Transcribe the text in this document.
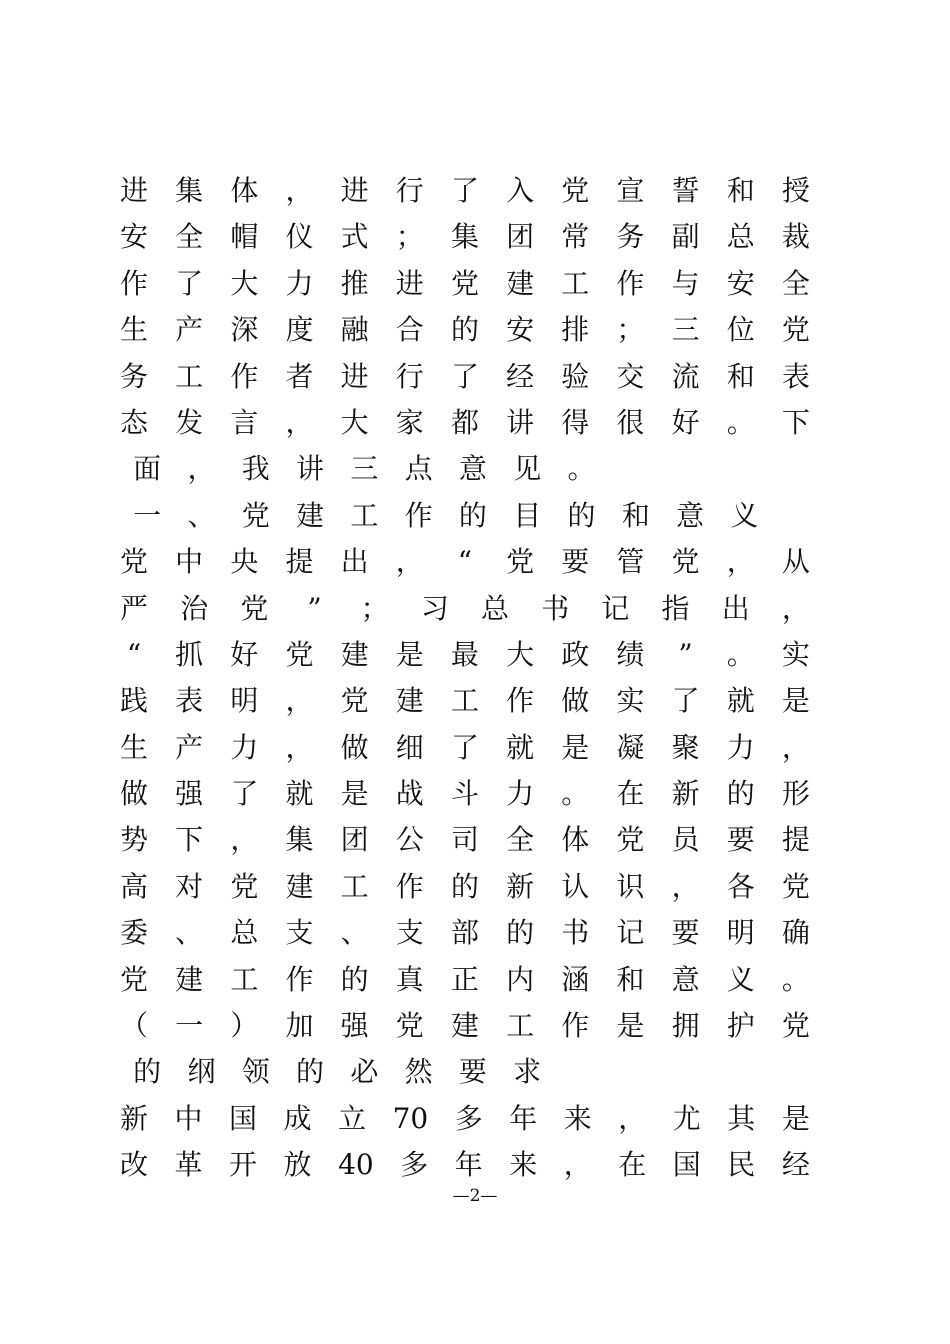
进 集 体 ， 进 行 了 入 党 宣 誓 和 授
安 全 帽 仪 式 ； 集 团 常 务 副 总 裁
作 了 大 力 推 进 党 建 工 作 与 安 全
生 产 深 度 融 合 的 安 排 ； 三 位 党
务 工 作 者 进 行 了 经 验 交 流 和 表
态 发 言 ， 大 家 都 讲 得 很 好 。 下
面 ， 我 讲 三 点 意 见 。
一 、 党 建 工 作 的 目 的 和 意 义
党 中 央 提 出 ， “ 党 要 管 党 ， 从
严 治 党 ” ； 习 总 书 记 指 出 ，
“ 抓 好 党 建 是 最 大 政 绩 ” 。 实
践 表 明 ， 党 建 工 作 做 实 了 就 是
生 产 力 ， 做 细 了 就 是 凝 聚 力 ，
做 强 了 就 是 战 斗 力 。 在 新 的 形
势 下 ， 集 团 公 司 全 体 党 员 要 提
高 对 党 建 工 作 的 新 认 识 ， 各 党
委 、 总 支 、 支 部 的 书 记 要 明 确
党 建 工 作 的 真 正 内 涵 和 意 义 。
（ 一 ） 加 强 党 建 工 作 是 拥 护 党
的 纲 领 的 必 然 要 求
新 中 国 成 立 70 多 年 来 ， 尤 其 是
改 革 开 放 40 多 年 来 ， 在 国 民 经
—2—
